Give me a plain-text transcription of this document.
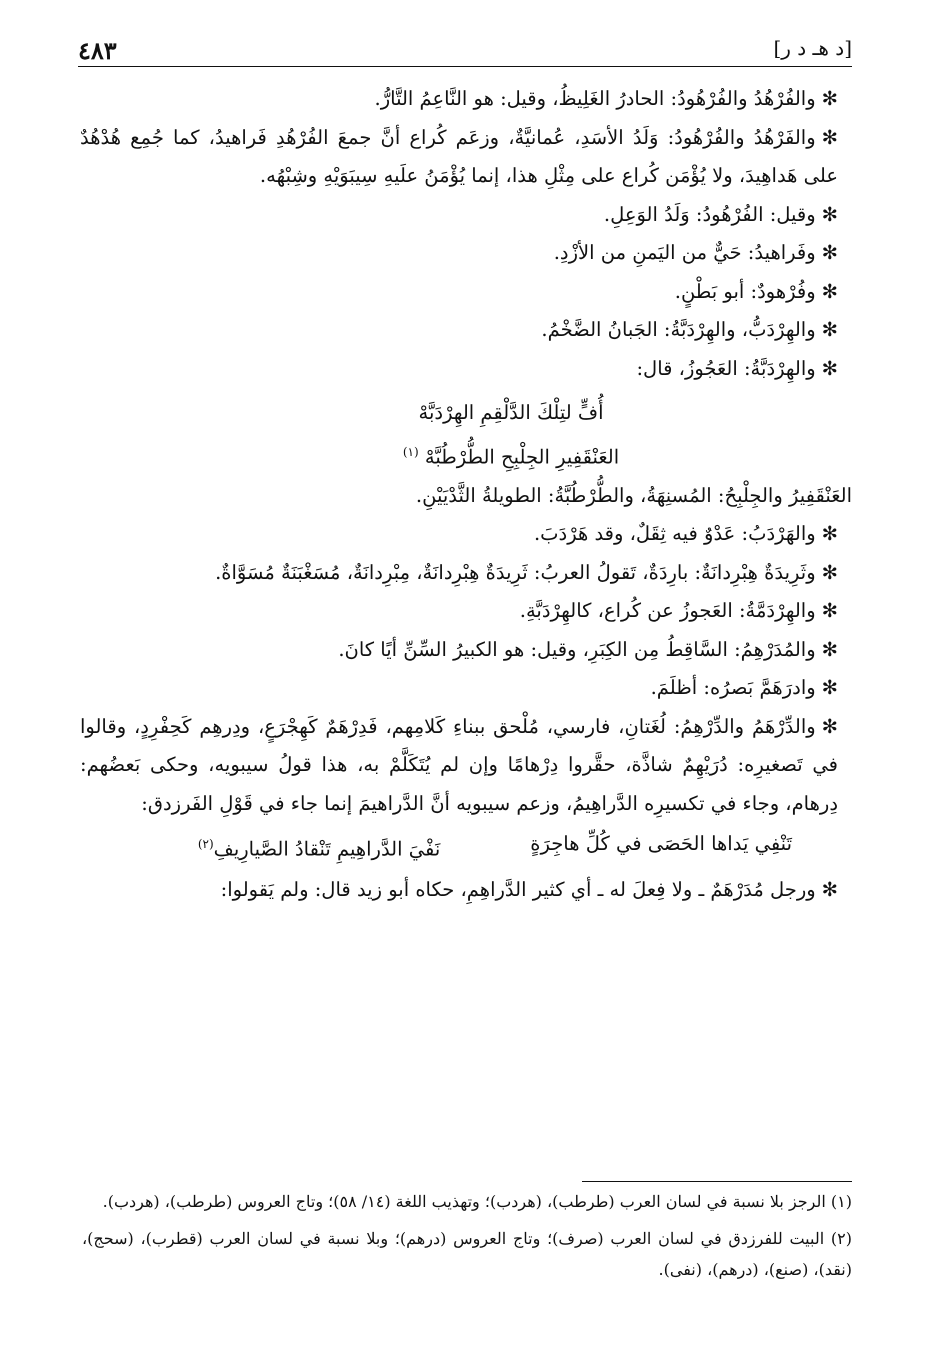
[د هـ د ر]
٤٨٣

✻والفُرْهُدُ والفُرْهُودُ: الحادرُ الغَلِيظُ، وقيل: هو النَّاعِمُ التَّارُّ.

✻والفَرْهُدُ والفُرْهُودُ: وَلَدُ الأسَدِ، عُمانيَّةٌ، وزعَم كُراع أنَّ جمعَ الفُرْهُدِ فَراهيدُ، كما جُمِع هُدْهُدٌ على هَداهِيدَ، ولا يُؤْمَن كُراع على مِثْلِ هذا، إنما يُؤْمَنُ علَيهِ سِيبَوَيْهِ وشِبْهُه.

✻وقيل: الفُرْهُودُ: وَلَدُ الوَعِلِ.

✻وفَراهيدُ: حَيٌّ من اليَمنِ من الأزْدِ.

✻وفُرْهودٌ: أبو بَطْنٍ.

✻والهِرْدَبُّ، والهِرْدَبَّةُ: الجَبانُ الضَّخْمُ.

✻والهِرْدَبَّةُ: العَجُوزُ، قال:

أُفٍّ لتِلْكَ الدَّلْقِمِ الهِرْدَبَّهْ

العَنْقَفِيرِ الجِلْبِحِ الطُّرْطُبَّهْ $^{(١)}$

العَنْقَفِيرُ والجِلْبِحُ: المُسنِهَةُ، والطُّرْطُبَّةُ: الطويلةُ الثَّدْيَيْنِ.

✻والهَرْدَبُ: عَدْوٌ فيه ثِقَلٌ، وقد هَرْدَبَ.

✻وثَرِيدَةٌ هِبْرِدانَةٌ: بارِدَةٌ، تَقولُ العربُ: ثَرِيدَةٌ هِبْرِدانَةٌ، مِبْرِدانَةٌ، مُسَغْبَنَةٌ مُسَوَّاةٌ.

✻والهِرْدَمَّةُ: العَجوزُ عن كُراع، كالهِرْدَبَّةِ.

✻والمُدَرْهِمُ: السَّاقِطُ مِن الكِبَرِ، وقيل: هو الكبيرُ السِّنِّ أيًا كانَ.

✻وادرَهَمَّ بَصرُه: أظلَمَ.

✻والدِّرْهَمُ والدِّرْهِمُ: لُغَتانِ، فارسي، مُلْحق ببناءِ كَلامِهم، فَدِرْهَمٌ كَهِجْرَعٍ، ودِرهِم كَحِفْرِدٍ، وقالوا في تَصغيرِه: دُرَيْهِمٌ شاذَّة، حقَّروا دِرْهامًا وإن لم يُتَكَلَّمْ به، هذا قولُ سيبويه، وحكى بَعضُهم: دِرهام، وجاء في تكسيرِه الدَّراهِيمُ، وزعم سيبويه أنَّ الدَّراهيمَ إنما جاء في قَوْلِ الفَرزدق:

تَنْفِي يَداها الحَصَى في كُلِّ هاجِرَةٍ
نَفْيَ الدَّراهِيمِ تَنْقادُ الصَّيارِيفِ$^{(٢)}$

✻ورجل مُدَرْهَمٌ ـ ولا فِعلَ له ـ أي كثير الدَّراهِمِ، حكاه أبو زيد قال: ولم يَقولوا:

(١) الرجز بلا نسبة في لسان العرب (طرطب)، (هردب)؛ وتهذيب اللغة (١٤/ ٥٨)؛ وتاج العروس (طرطب)، (هردب).

(٢) البيت للفرزدق في لسان العرب (صرف)؛ وتاج العروس (درهم)؛ وبلا نسبة في لسان العرب (قطرب)، (سحج)، (نقد)، (صنع)، (درهم)، (نفى).
